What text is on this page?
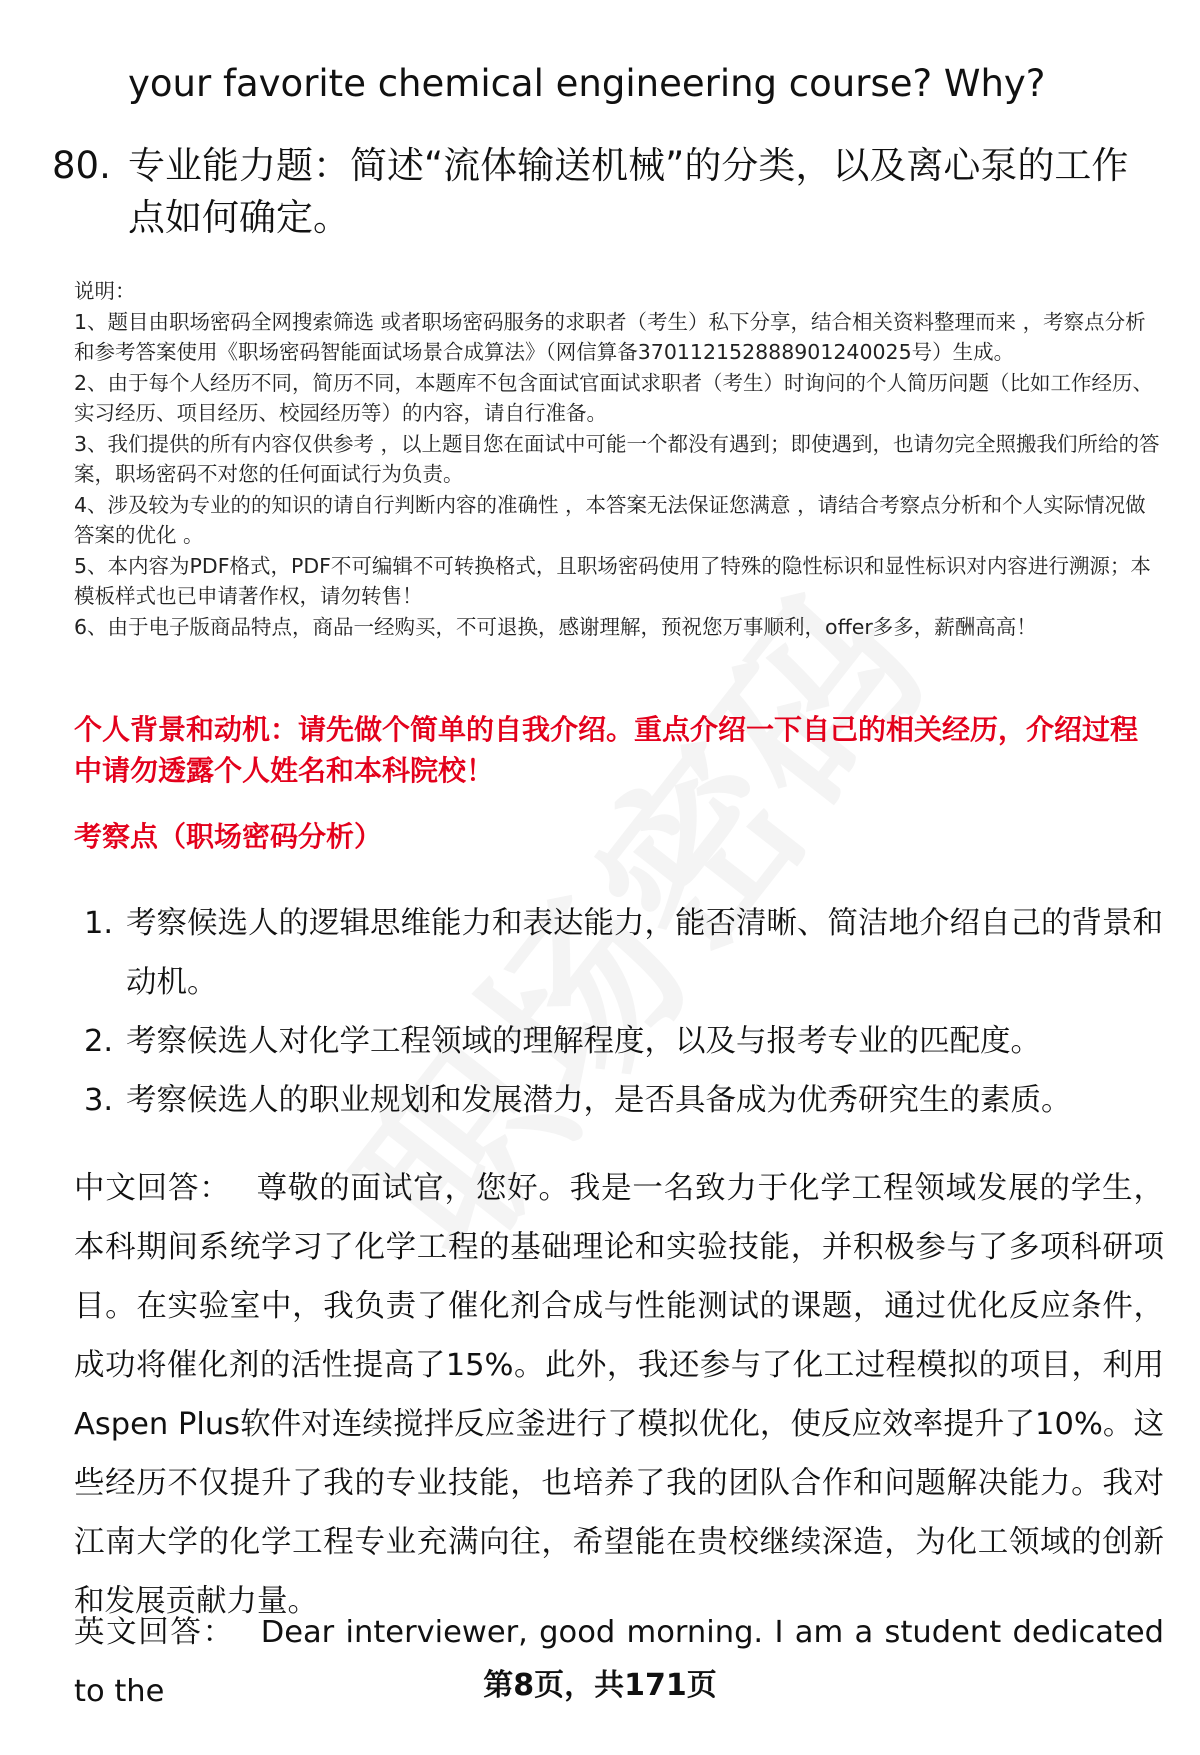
your favorite chemical engineering course? Why?
80. 专业能力题：简述“流体输送机械”的分类，以及离心泵的工作点如何确定。

说明：

1、题目由职场密码全网搜索筛选 或者职场密码服务的求职者（考生）私下分享，结合相关资料整理而来 ，考察点分析和参考答案使用《职场密码智能面试场景合成算法》（网信算备370112152888901240025号）生成。

2、由于每个人经历不同，简历不同，本题库不包含面试官面试求职者（考生）时询问的个人简历问题（比如工作经历、实习经历、项目经历、校园经历等）的内容，请自行准备。

3、我们提供的所有内容仅供参考 ，以上题目您在面试中可能一个都没有遇到；即使遇到，也请勿完全照搬我们所给的答案，职场密码不对您的任何面试行为负责。

4、涉及较为专业的的知识的请自行判断内容的准确性 ，本答案无法保证您满意 ，请结合考察点分析和个人实际情况做答案的优化 。

5、本内容为PDF格式，PDF不可编辑不可转换格式，且职场密码使用了特殊的隐性标识和显性标识对内容进行溯源；本模板样式也已申请著作权，请勿转售！

6、由于电子版商品特点，商品一经购买，不可退换，感谢理解，预祝您万事顺利，offer多多，薪酬高高！

个人背景和动机：请先做个简单的自我介绍。重点介绍一下自己的相关经历，介绍过程中请勿透露个人姓名和本科院校！
考察点（职场密码分析）
1. 考察候选人的逻辑思维能力和表达能力，能否清晰、简洁地介绍自己的背景和动机。
2. 考察候选人对化学工程领域的理解程度，以及与报考专业的匹配度。
3. 考察候选人的职业规划和发展潜力，是否具备成为优秀研究生的素质。
中文回答： 尊敬的面试官，您好。我是一名致力于化学工程领域发展的学生，本科期间系统学习了化学工程的基础理论和实验技能，并积极参与了多项科研项目。在实验室中，我负责了催化剂合成与性能测试的课题，通过优化反应条件，成功将催化剂的活性提高了15%。此外，我还参与了化工过程模拟的项目，利用Aspen Plus软件对连续搅拌反应釜进行了模拟优化，使反应效率提升了10%。这些经历不仅提升了我的专业技能，也培养了我的团队合作和问题解决能力。我对江南大学的化学工程专业充满向往，希望能在贵校继续深造，为化工领域的创新和发展贡献力量。
英文回答： Dear interviewer, good morning. I am a student dedicated to the	第8页，共171页
